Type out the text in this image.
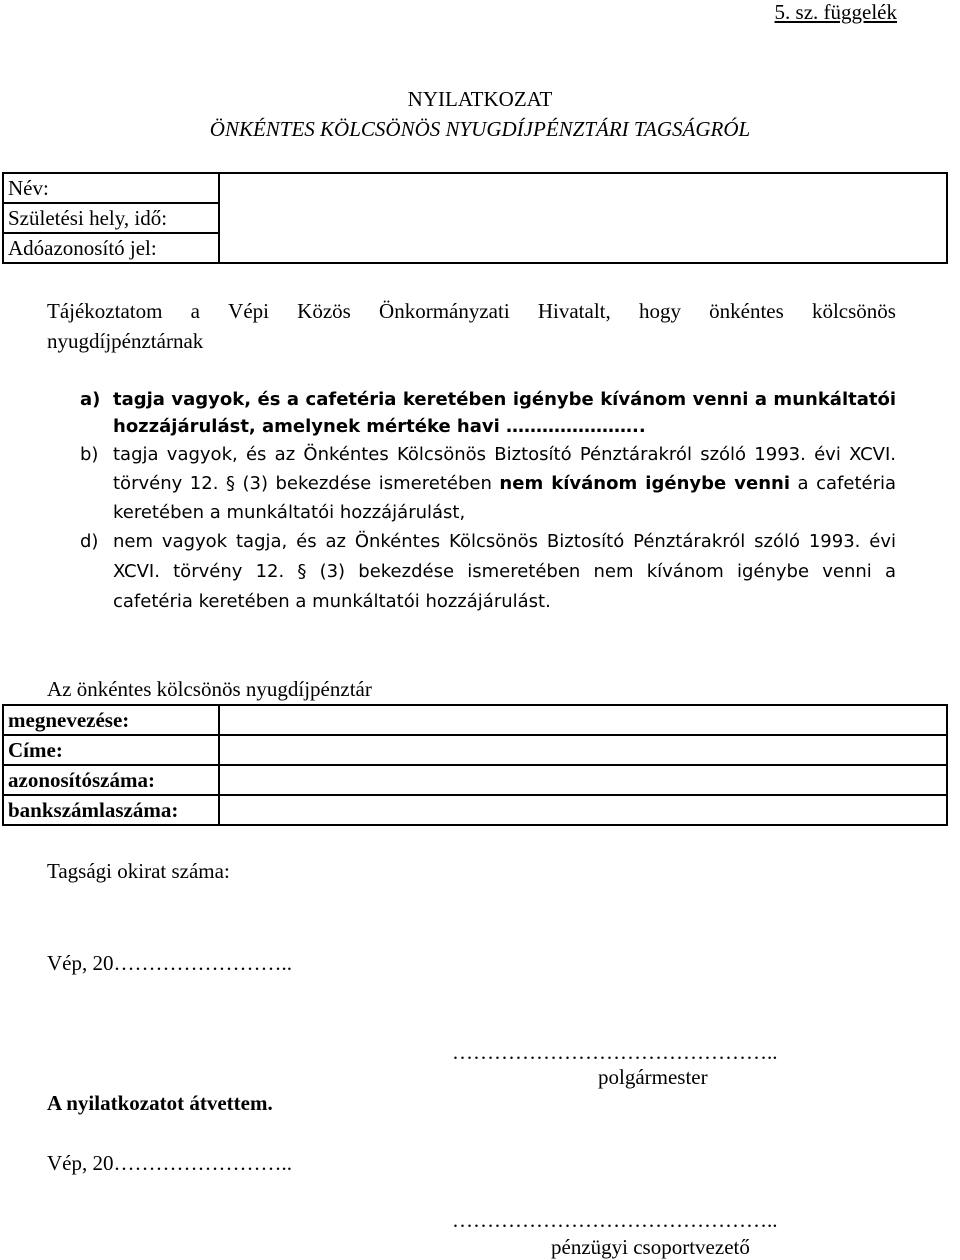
5. sz. függelék
NYILATKOZAT
ÖNKÉNTES KÖLCSÖNÖS NYUGDÍJPÉNZTÁRI TAGSÁGRÓL
Név:	
Születési hely, idő:
Adóazonosító jel:
Tájékoztatom a Vépi Közös Önkormányzati Hivatalt, hogy önkéntes kölcsönös
nyugdíjpénztárnak
a) tagja vagyok, és a cafetéria keretében igénybe kívánom venni a munkáltatói hozzájárulást, amelynek mértéke havi …………………..
b) tagja vagyok, és az Önkéntes Kölcsönös Biztosító Pénztárakról szóló 1993. évi XCVI. törvény 12. § (3) bekezdése ismeretében nem kívánom igénybe venni a cafetéria keretében a munkáltatói hozzájárulást,
d) nem vagyok tagja, és az Önkéntes Kölcsönös Biztosító Pénztárakról szóló 1993. évi XCVI. törvény 12. § (3) bekezdése ismeretében nem kívánom igénybe venni a cafetéria keretében a munkáltatói hozzájárulást.
Az önkéntes kölcsönös nyugdíjpénztár
megnevezése:	
Címe:	
azonosítószáma:	
bankszámlaszáma:	
Tagsági okirat száma:
Vép, 20……………………..
………………………………………..
polgármester
A nyilatkozatot átvettem.
Vép, 20……………………..
………………………………………..
pénzügyi csoportvezető
